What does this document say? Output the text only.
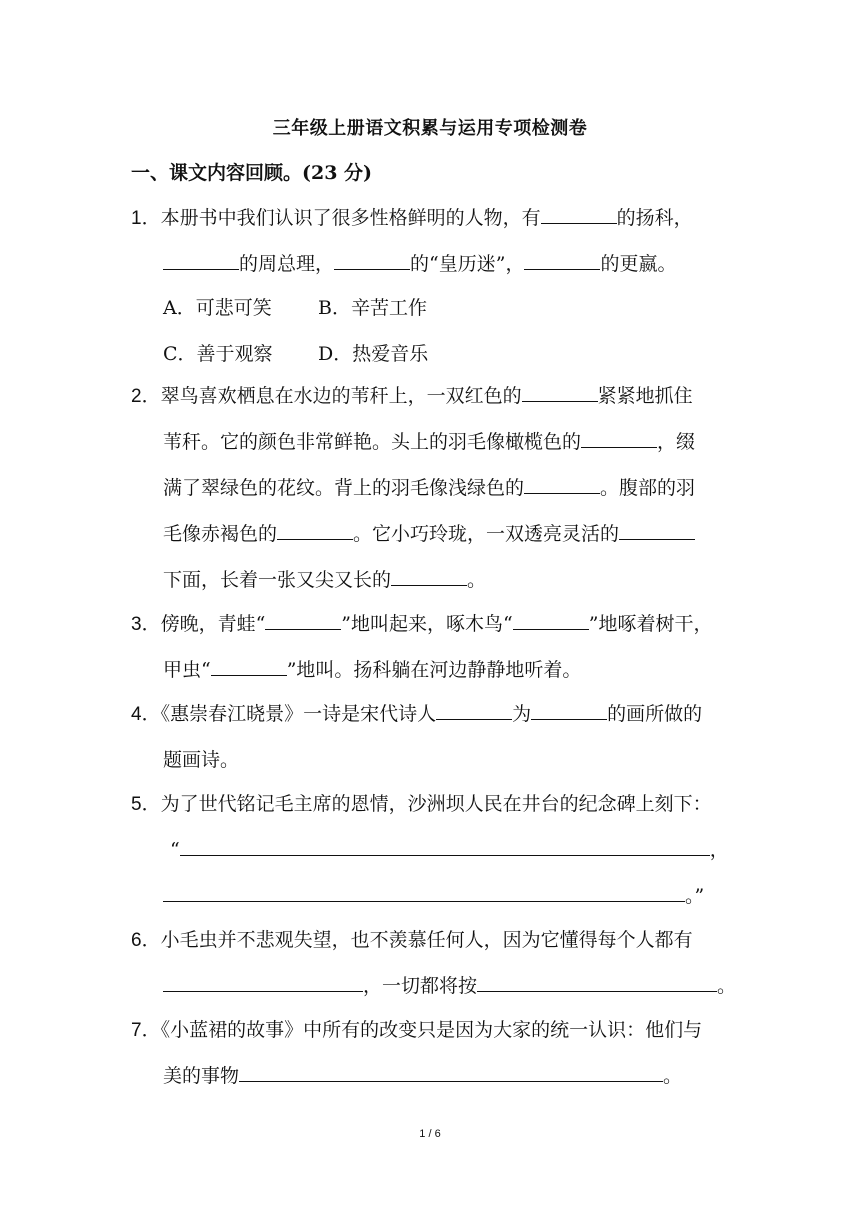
三年级上册语文积累与运用专项检测卷
一、课文内容回顾。(23 分)
1．本册书中我们认识了很多性格鲜明的人物，有	的扬科，
的周总理，	的“皇历迷”，	的更嬴。
A．可悲可笑 B．辛苦工作
C．善于观察 D．热爱音乐
2．翠鸟喜欢栖息在水边的苇秆上，一双红色的	紧紧地抓住
苇秆。它的颜色非常鲜艳。头上的羽毛像橄榄色的	，缀
满了翠绿色的花纹。背上的羽毛像浅绿色的	。腹部的羽
毛像赤褐色的	。它小巧玲珑，一双透亮灵活的
下面，长着一张又尖又长的	。
3．傍晚，青蛙“	”地叫起来，啄木鸟“	”地啄着树干，
甲虫“	”地叫。扬科躺在河边静静地听着。
4．《惠崇春江晓景》一诗是宋代诗人	为	的画所做的
题画诗。
5．为了世代铭记毛主席的恩情，沙洲坝人民在井台的纪念碑上刻下：
“	，
。”
6．小毛虫并不悲观失望，也不羡慕任何人，因为它懂得每个人都有
，一切都将按	。
7．《小蓝裙的故事》中所有的改变只是因为大家的统一认识：他们与
美的事物	。
1 / 6
